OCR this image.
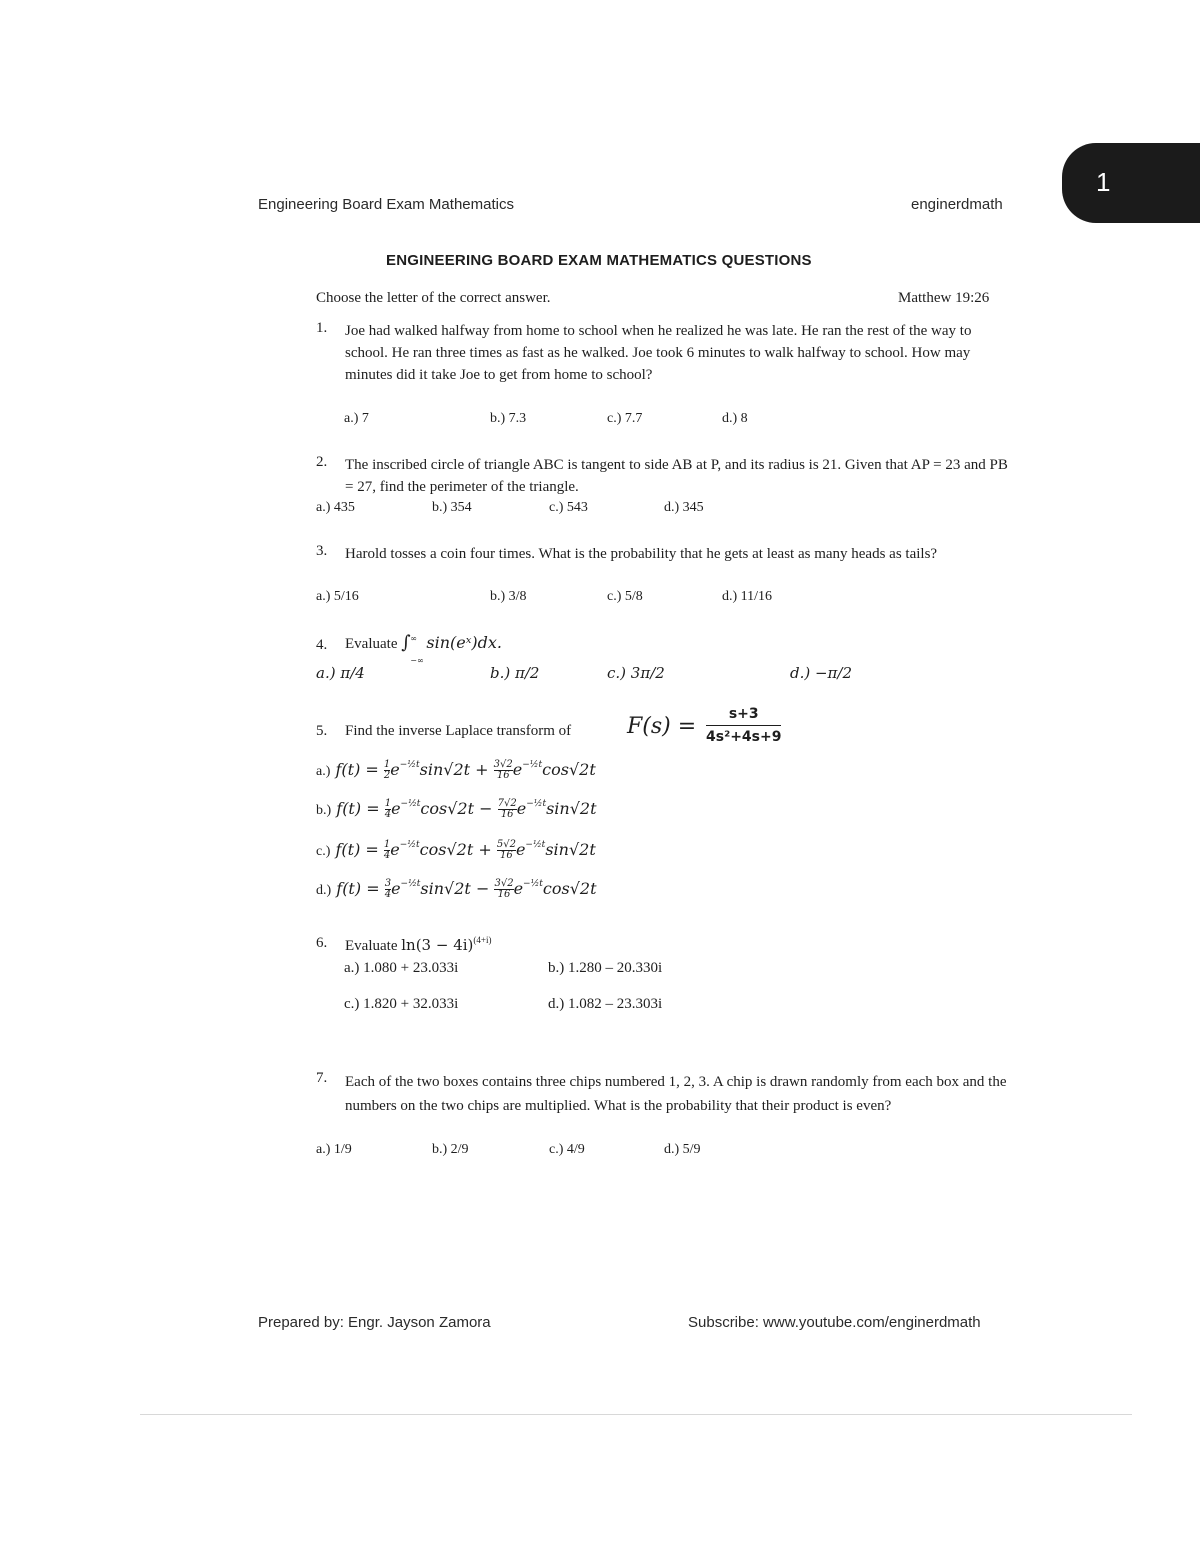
Engineering Board Exam Mathematics	enginerdmath
1
ENGINEERING BOARD EXAM MATHEMATICS QUESTIONS
Choose the letter of the correct answer.	Matthew 19:26
1. Joe had walked halfway from home to school when he realized he was late. He ran the rest of the way to school. He ran three times as fast as he walked. Joe took 6 minutes to walk halfway to school. How may minutes did it take Joe to get from home to school?
a.) 7	b.) 7.3	c.) 7.7	d.) 8
2. The inscribed circle of triangle ABC is tangent to side AB at P, and its radius is 21. Given that AP = 23 and PB = 27, find the perimeter of the triangle.
a.) 435	b.) 354	c.) 543	d.) 345
3. Harold tosses a coin four times. What is the probability that he gets at least as many heads as tails?
a.) 5/16	b.) 3/8	c.) 5/8	d.) 11/16
4. Evaluate ∫ ∞
−∞
sin(eˣ)dx.
a.) π/4	b.) π/2	c.) 3π/2	d.) −π/2
5. Find the inverse Laplace transform of	$F(s) = \frac{s+3}{\text{4s²+4s+9}}$
a.) $f(t) = \frac{1}{2} e^{-\frac{1}{2}t}\sin√2t + \frac{3√2}{16} e^{-\frac{1}{2}t}\cos√2t$
b.) $f(t) = \frac{1}{4} e^{-\frac{1}{2}t}\cos√2t - \frac{7√2}{16} e^{-\frac{1}{2}t}\sin√2t$
c.) $f(t) = \frac{1}{4} e^{-\frac{1}{2}t}\cos√2t + \frac{5√2}{16} e^{-\frac{1}{2}t}\sin√2t$
d.) $f(t) = \frac{3}{4} e^{-\frac{1}{2}t}\sin√2t - \frac{3√2}{16} e^{-\frac{1}{2}t}\cos√2t$
6. Evaluate $\ln(3 - 4i)^{(4+i)}$
a.) 1.080 + 23.033i	b.) 1.280 – 20.330i
c.) 1.820 + 32.033i	d.) 1.082 – 23.303i
7. Each of the two boxes contains three chips numbered 1, 2, 3. A chip is drawn randomly from each box and the numbers on the two chips are multiplied. What is the probability that their product is even?
a.) 1/9	b.) 2/9	c.) 4/9	d.) 5/9
Prepared by: Engr. Jayson Zamora	Subscribe: www.youtube.com/enginerdmath
